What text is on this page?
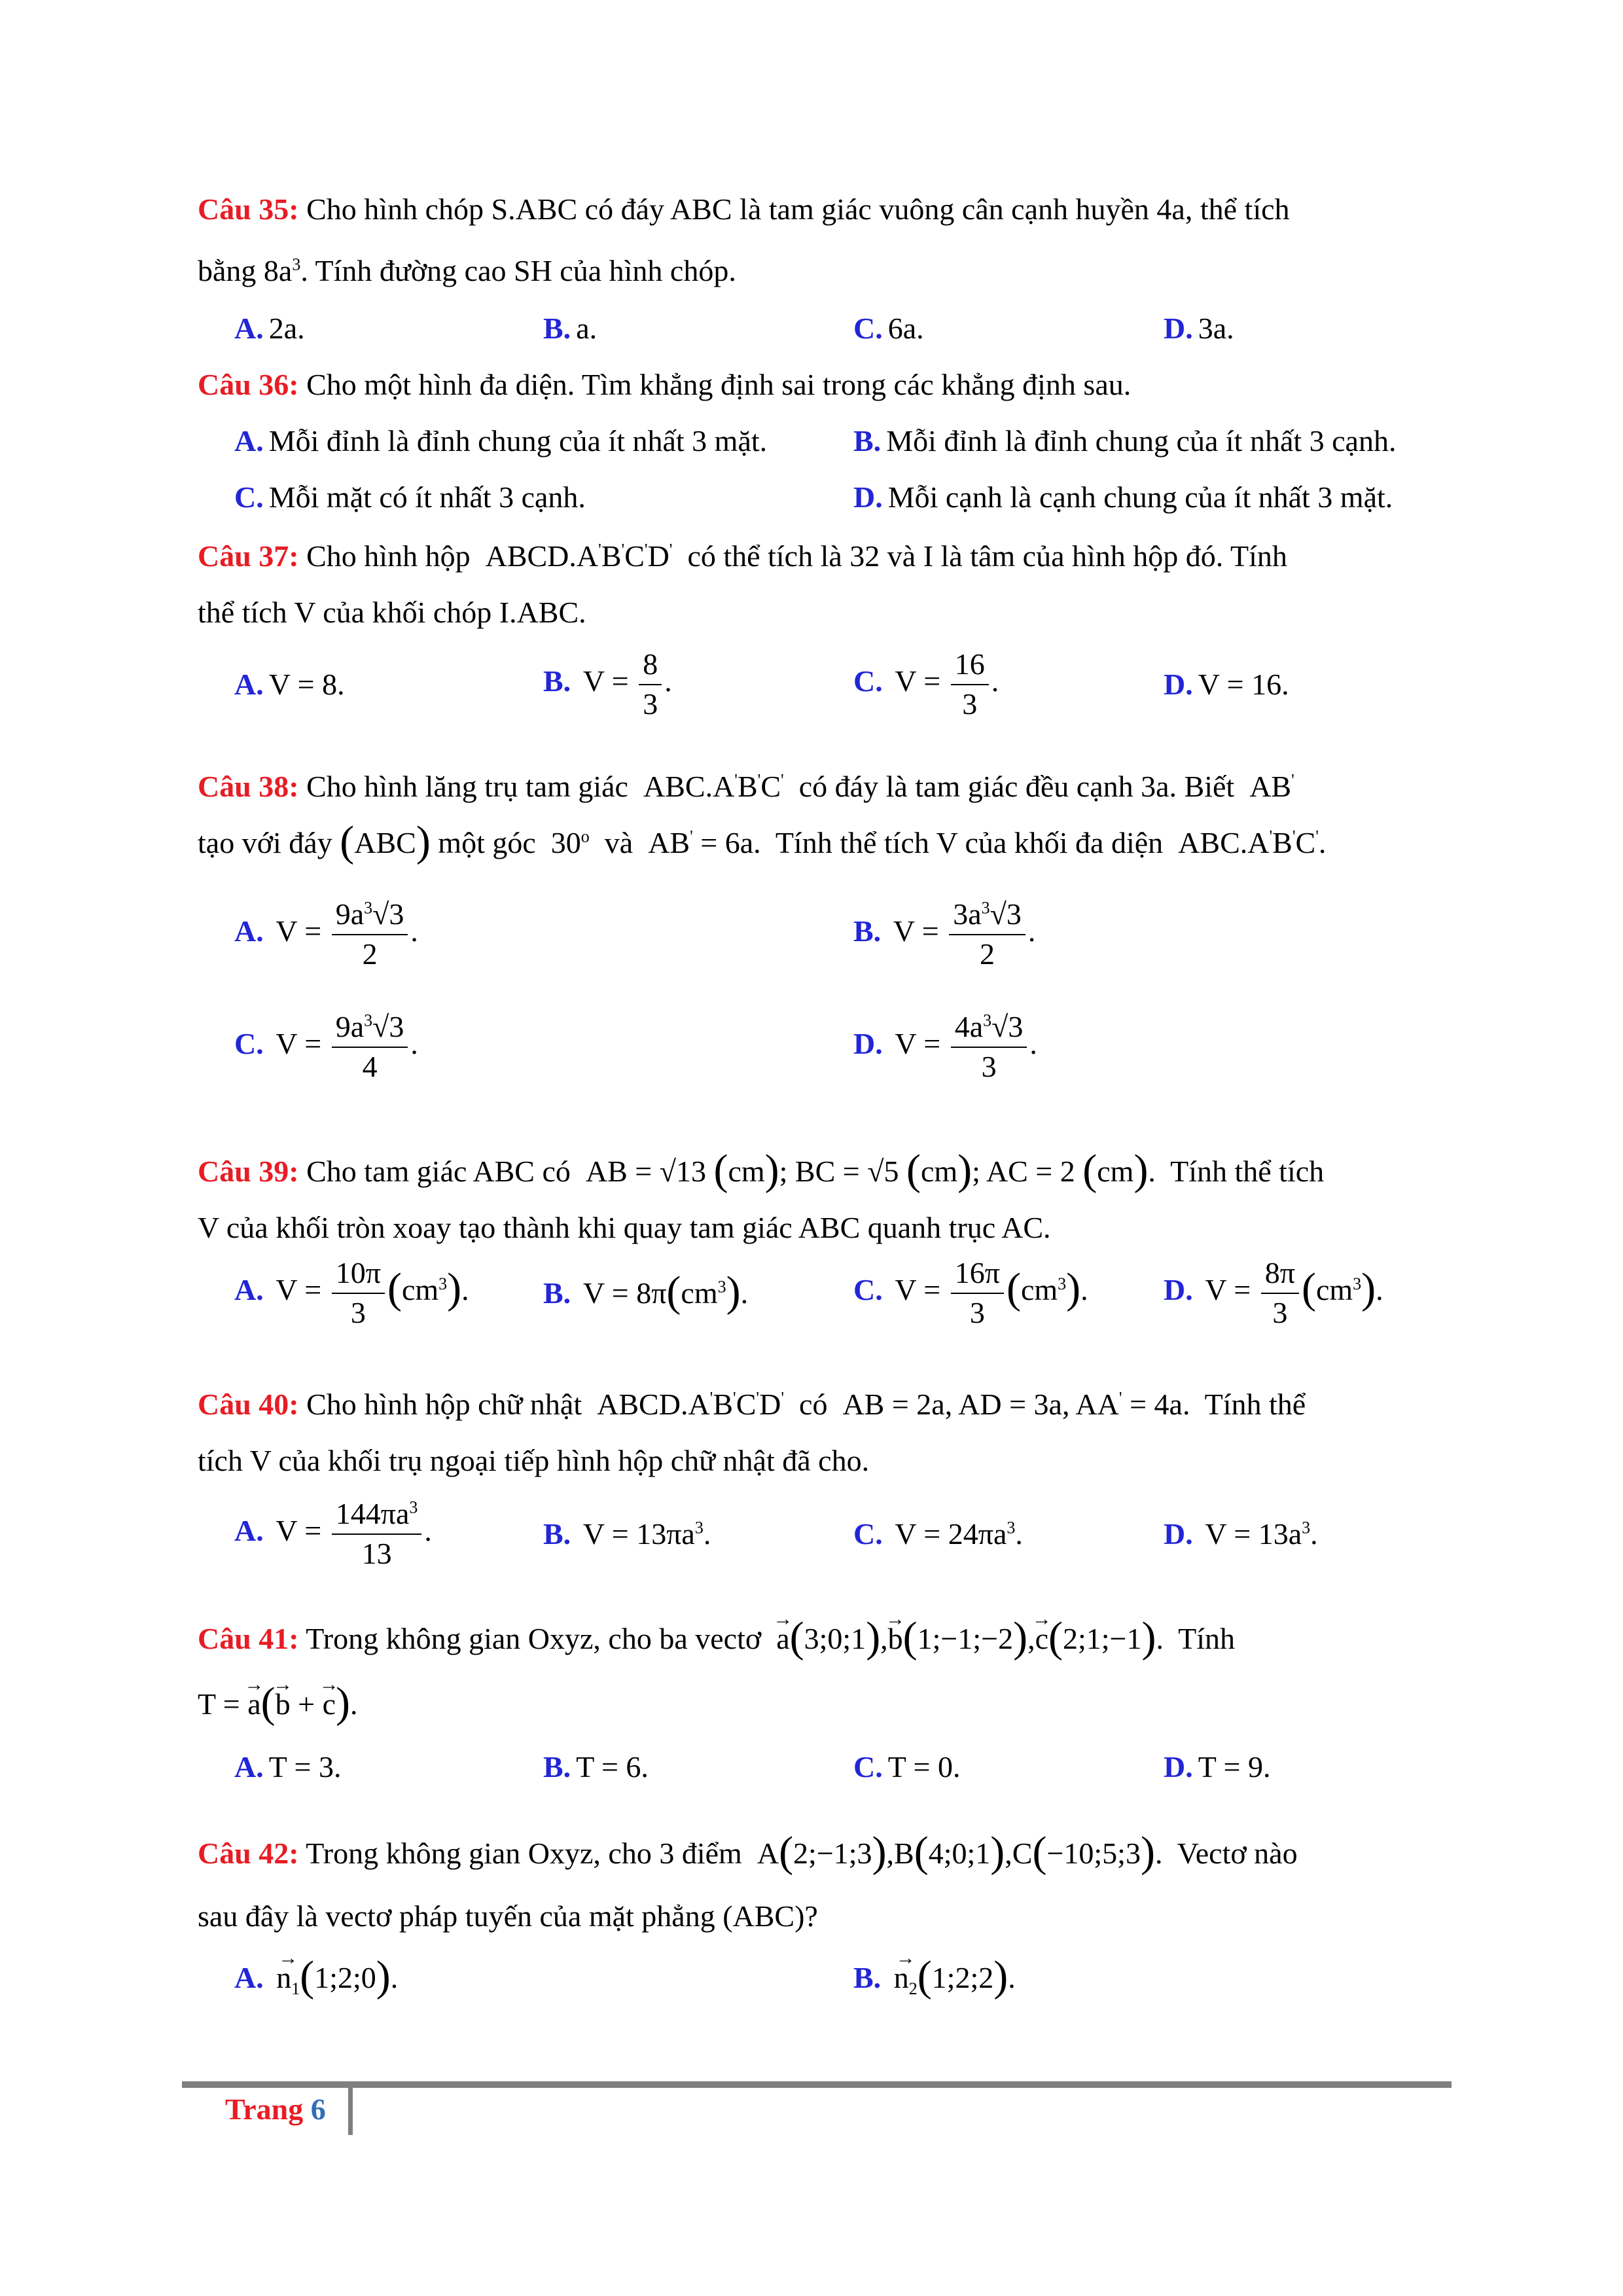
Câu 35: Cho hình chóp S.ABC có đáy ABC là tam giác vuông cân cạnh huyền 4a, thể tích
bằng $8a^3$. Tính đường cao SH của hình chóp.
A. 2a.	B. a.	C. 6a.	D. 3a.
Câu 36: Cho một hình đa diện. Tìm khẳng định sai trong các khẳng định sau.
A. Mỗi đỉnh là đỉnh chung của ít nhất 3 mặt.	B. Mỗi đỉnh là đỉnh chung của ít nhất 3 cạnh.
C. Mỗi mặt có ít nhất 3 cạnh.	D. Mỗi cạnh là cạnh chung của ít nhất 3 mặt.
Câu 37: Cho hình hộp  ABCD.A'B'C'D' có thể tích là 32 và I là tâm của hình hộp đó. Tính
thể tích V của khối chóp I.ABC.
A. V = 8.	B. $V = \frac{8}{3}$ .	C. $V = \frac{16}{3}$ .	D. V = 16.
Câu 38: Cho hình lăng trụ tam giác  ABC.A'B'C' có đáy là tam giác đều cạnh 3a. Biết  AB'
tạo với đáy (ABC) một góc  30$^o$ và  AB' = 6a.  Tính thể tích V của khối đa diện  ABC.A'B'C'.
A. $V = \frac{9a^3√3}{2}$ .	B. $V = \frac{3a^3√3}{2}$ .
C. $V = \frac{9a^3√3}{4}$ .	D. $V = \frac{4a^3√3}{3}$ .
Câu 39: Cho tam giác ABC có  AB = √13 (cm); BC = √5 (cm); AC = 2 (cm).  Tính thể tích
V của khối tròn xoay tạo thành khi quay tam giác ABC quanh trục AC.
A. $V = \frac{10\pi}{3} (cm^3)$. B. $V = 8\pi(cm^3)$.	C. $V = \frac{16\pi}{3} (cm^3)$.	D. $V = \frac{8\pi}{3} (cm^3)$.
Câu 40: Cho hình hộp chữ nhật  ABCD.A'B'C'D' có  AB = 2a, AD = 3a, AA' = 4a.  Tính thể
tích V của khối trụ ngoại tiếp hình hộp chữ nhật đã cho.
A. $V = \frac{144\pi a^3}{13}$ .	B. $V = 13\pi a^3$.	C. $V = 24\pi a^3$.	D. $V = 13a^3$.
Câu 41: Trong không gian Oxyz, cho ba vectơ → a(3;0;1),→ b(1;−1;−2),→ c(2;1;−1).  Tính
T = → a(→ b + → c).
A. T = 3.	B. T = 6.	C. T = 0.	D. T = 9.
Câu 42: Trong không gian Oxyz, cho 3 điểm  A(2;−1;3),B(4;0;1),C(−10;5;3).  Vectơ nào
sau đây là vectơ pháp tuyến của mặt phẳng (ABC)?
A. → $n_1(1;2;0)$.	B. → $n_2(1;2;2)$.
Trang 6
